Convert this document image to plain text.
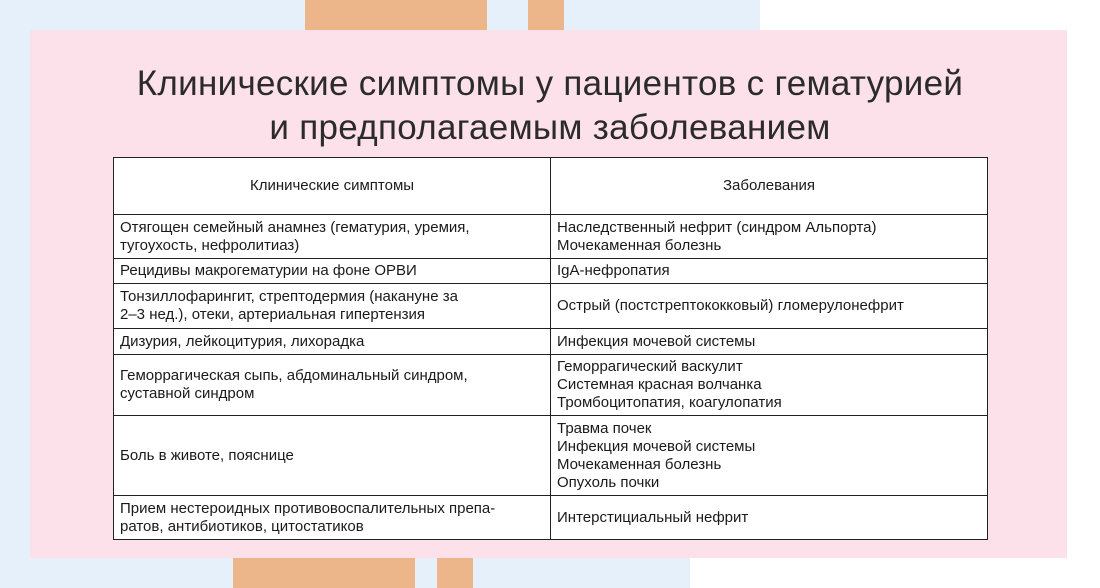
Клинические симптомы у пациентов с гематурией
и предполагаемым заболеванием
Клинические симптомы	Заболевания

Отягощен семейный анамнез (гематурия, уремия,
тугоухость, нефролитиаз)	Наследственный нефрит (синдром Альпорта)
Мочекаменная болезнь

Рецидивы макрогематурии на фоне ОРВИ	IgA-нефропатия

Тонзиллофарингит, стрептодермия (накануне за
2–3 нед.), отеки, артериальная гипертензия	Острый (постстрептококковый) гломерулонефрит

Дизурия, лейкоцитурия, лихорадка	Инфекция мочевой системы

Геморрагическая сыпь, абдоминальный синдром,
суставной синдром	Геморрагический васкулит
Системная красная волчанка
Тромбоцитопатия, коагулопатия

Боль в животе, пояснице	Травма почек
Инфекция мочевой системы
Мочекаменная болезнь
Опухоль почки

Прием нестероидных противовоспалительных препа-
ратов, антибиотиков, цитостатиков	Интерстициальный нефрит
